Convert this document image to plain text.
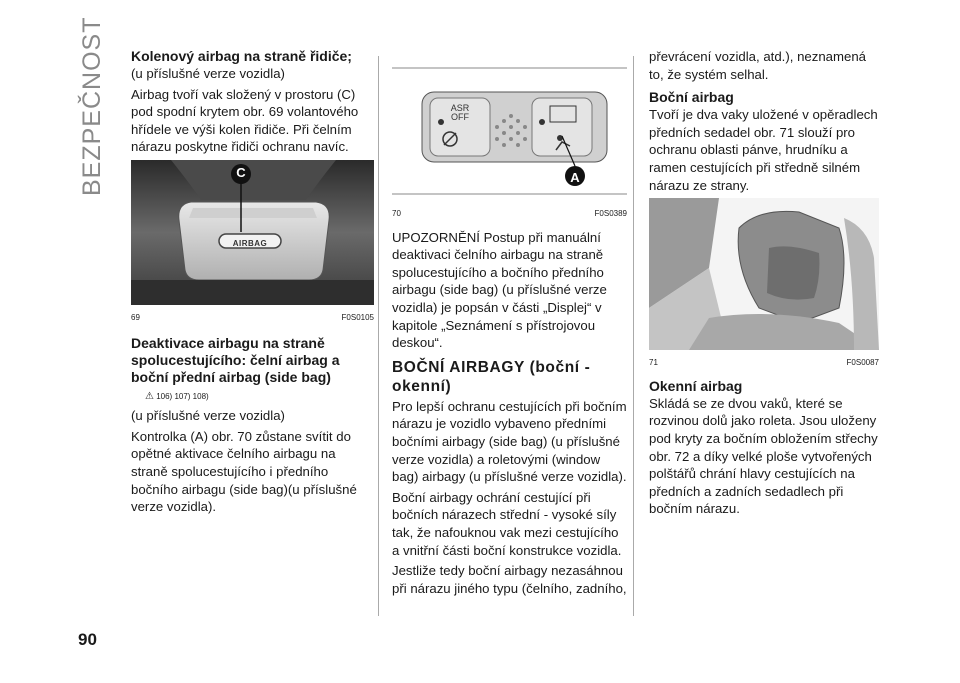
BEZPEČNOST Kolenový airbag na straně řidiče;

(u příslušné verze vozidla)

Airbag tvoří vak složený v prostoru (C) pod spodní krytem obr. 69 volantového hřídele ve výši kolen řidiče. Při čelním nárazu poskytne řidiči ochranu navíc.

C
AIRBAG
69	F0S0105
Deaktivace airbagu na straně spolucestujícího: čelní airbag a boční přední airbag (side bag)
⚠ 106) 107) 108)

(u příslušné verze vozidla)

Kontrolka (A) obr. 70 zůstane svítit do opětné aktivace čelního airbagu na straně spolucestujícího i předního bočního airbagu (side bag)(u příslušné verze vozidla).

ASR
OFF
A
70	F0S0389

UPOZORNĚNÍ Postup při manuální deaktivaci čelního airbagu na straně spolucestujícího a bočního předního airbagu (side bag) (u příslušné verze vozidla) je popsán v části „Displej“ v kapitole „Seznámení s přístrojovou deskou“.

BOČNÍ AIRBAGY (boční - okenní)

Pro lepší ochranu cestujících při bočním nárazu je vozidlo vybaveno předními bočními airbagy (side bag) (u příslušné verze vozidla) a roletovými (window bag) airbagy (u příslušné verze vozidla).

Boční airbagy ochrání cestující při bočních nárazech střední - vysoké síly tak, že nafouknou vak mezi cestujícího a vnitřní části boční konstrukce vozidla.

Jestliže tedy boční airbagy nezasáhnou při nárazu jiného typu (čelního, zadního,

převrácení vozidla, atd.), neznamená to, že systém selhal.

Boční airbag

Tvoří je dva vaky uložené v opěradlech předních sedadel obr. 71 slouží pro ochranu oblasti pánve, hrudníku a ramen cestujících při středně silném nárazu ze strany.

71	F0S0087
Okenní airbag

Skládá se ze dvou vaků, které se rozvinou dolů jako roleta. Jsou uloženy pod kryty za bočním obložením střechy obr. 72 a díky velké ploše vytvořených polštářů chrání hlavy cestujících na předních a zadních sedadlech při bočním nárazu.

90
